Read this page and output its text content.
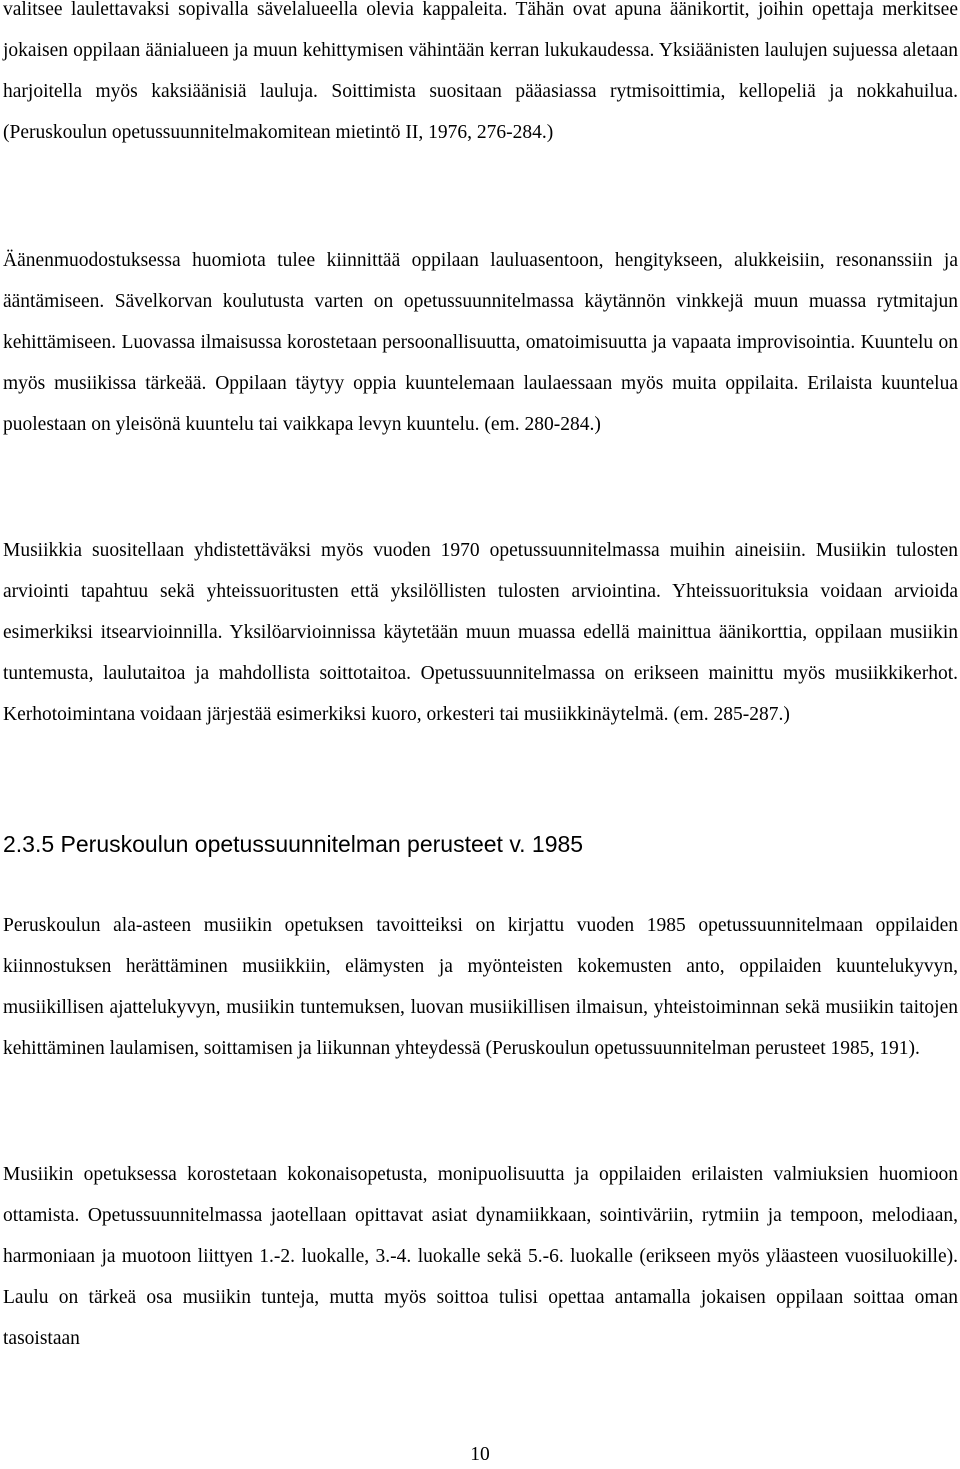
valitsee laulettavaksi sopivalla sävelalueella olevia kappaleita. Tähän ovat apuna äänikortit, joihin opettaja merkitsee jokaisen oppilaan äänialueen ja muun kehittymisen vähintään kerran lukukaudessa. Yksiäänisten laulujen sujuessa aletaan harjoitella myös kaksiäänisiä lauluja. Soittimista suositaan pääasiassa rytmisoittimia, kellopeliä ja nokkahuilua. (Peruskoulun opetussuunnitelmakomitean mietintö II, 1976, 276-284.)

Äänenmuodostuksessa huomiota tulee kiinnittää oppilaan lauluasentoon, hengitykseen, alukkeisiin, resonanssiin ja ääntämiseen. Sävelkorvan koulutusta varten on opetussuunnitelmassa käytännön vinkkejä muun muassa rytmitajun kehittämiseen. Luovassa ilmaisussa korostetaan persoonallisuutta, omatoimisuutta ja vapaata improvisointia. Kuuntelu on myös musiikissa tärkeää. Oppilaan täytyy oppia kuuntelemaan laulaessaan myös muita oppilaita. Erilaista kuuntelua puolestaan on yleisönä kuuntelu tai vaikkapa levyn kuuntelu. (em. 280-284.)

Musiikkia suositellaan yhdistettäväksi myös vuoden 1970 opetussuunnitelmassa muihin aineisiin. Musiikin tulosten arviointi tapahtuu sekä yhteissuoritusten että yksilöllisten tulosten arviointina. Yhteissuorituksia voidaan arvioida esimerkiksi itsearvioinnilla. Yksilöarvioinnissa käytetään muun muassa edellä mainittua äänikorttia, oppilaan musiikin tuntemusta, laulutaitoa ja mahdollista soittotaitoa. Opetussuunnitelmassa on erikseen mainittu myös musiikkikerhot. Kerhotoimintana voidaan järjestää esimerkiksi kuoro, orkesteri tai musiikkinäytelmä. (em. 285-287.)

2.3.5 Peruskoulun opetussuunnitelman perusteet v. 1985

Peruskoulun ala-asteen musiikin opetuksen tavoitteiksi on kirjattu vuoden 1985 opetussuunnitelmaan oppilaiden kiinnostuksen herättäminen musiikkiin, elämysten ja myönteisten kokemusten anto, oppilaiden kuuntelukyvyn, musiikillisen ajattelukyvyn, musiikin tuntemuksen, luovan musiikillisen ilmaisun, yhteistoiminnan sekä musiikin taitojen kehittäminen laulamisen, soittamisen ja liikunnan yhteydessä (Peruskoulun opetussuunnitelman perusteet 1985, 191).

Musiikin opetuksessa korostetaan kokonaisopetusta, monipuolisuutta ja oppilaiden erilaisten valmiuksien huomioon ottamista. Opetussuunnitelmassa jaotellaan opittavat asiat dynamiikkaan, sointiväriin, rytmiin ja tempoon, melodiaan, harmoniaan ja muotoon liittyen 1.-2. luokalle, 3.-4. luokalle sekä 5.-6. luokalle (erikseen myös yläasteen vuosiluokille). Laulu on tärkeä osa musiikin tunteja, mutta myös soittoa tulisi opettaa antamalla jokaisen oppilaan soittaa oman tasoistaan

10
